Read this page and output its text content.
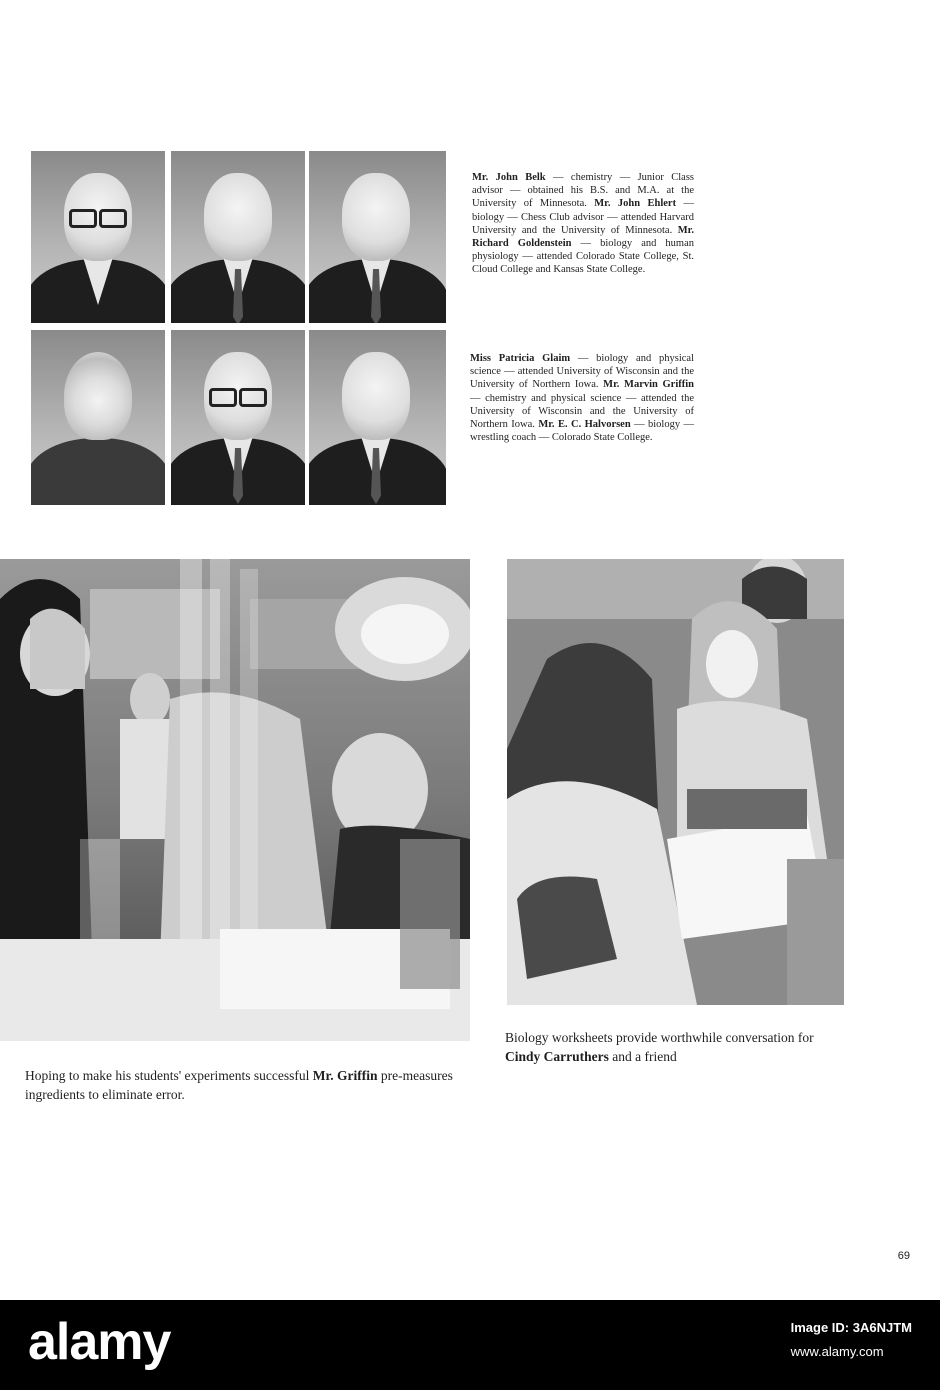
Mr. John Belk — chemistry — Junior Class advisor — obtained his B.S. and M.A. at the University of Minnesota. Mr. John Ehlert — biology — Chess Club advisor — attended Harvard University and the University of Minnesota. Mr. Richard Goldenstein — biology and human physiology — attended Colorado State College, St. Cloud College and Kansas State College.

Miss Patricia Glaim — biology and physical science — attended University of Wisconsin and the University of Northern Iowa. Mr. Marvin Griffin — chemistry and physical science — attended the University of Wisconsin and the University of Northern Iowa. Mr. E. C. Halvorsen — biology — wrestling coach — Colorado State College.

Hoping to make his students' experiments successful Mr. Griffin pre-measures ingredients to eliminate error.

Biology worksheets provide worthwhile conversation for Cindy Carruthers and a friend

69
alamy	Image ID: 3A6NJTM
www.alamy.com
